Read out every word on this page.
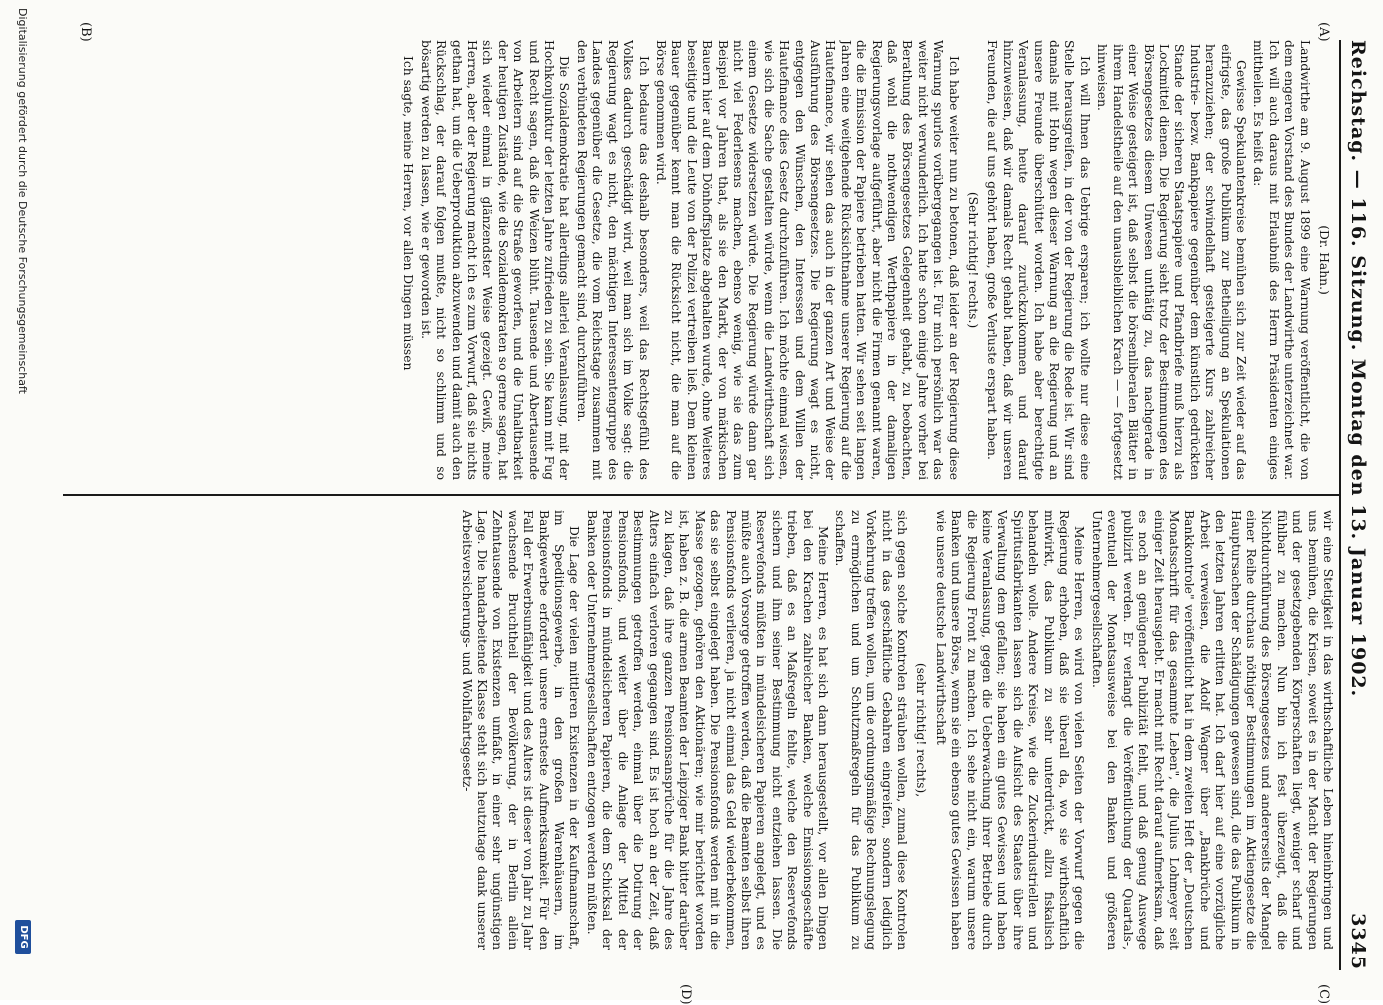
Reichstag. — 116. Sitzung. Montag den 13. Januar 1902.
3345
(A)
(B)
(C)
(D)

(Dr. Hahn.)

Landwirthe am 9. August 1899 eine Warnung veröffentlicht, die von dem engeren Vorstand des Bundes der Landwirthe unterzeichnet war. Ich will auch daraus mit Erlaubniß des Herrn Präsidenten einiges mittheilen. Es heißt da:

Gewisse Spekulantenkreise bemühen sich zur Zeit wieder auf das eifrigste, das große Publikum zur Betheiligung an Spekulationen heranzuziehen; der schwindelhaft gesteigerte Kurs zahlreicher Industrie- bezw. Bankpapiere gegenüber dem künstlich gedrückten Stande der sicheren Staatspapiere und Pfandbriefe muß hierzu als Lockmittel dienen. Die Regierung sieht trotz der Bestimmungen des Börsengesetzes diesem Unwesen unthätig zu, das nachgerade in einer Weise gesteigert ist, daß selbst die börsenliberalen Blätter in ihrem Handelstheile auf den unausbleiblichen Krach — — fortgesetzt hinweisen.

Ich will Ihnen das Uebrige ersparen; ich wollte nur diese eine Stelle herausgreifen, in der von der Regierung die Rede ist. Wir sind damals mit Hohn wegen dieser Warnung an die Regierung und an unsere Freunde überschüttet worden. Ich habe aber berechtigte Veranlassung, heute darauf zurückzukommen und darauf hinzuweisen, daß wir damals Recht gehabt haben, daß wir unseren Freunden, die auf uns gehört haben, große Verluste erspart haben.

(Sehr richtig! rechts.)

Ich habe weiter nun zu betonen, daß leider an der Regierung diese Warnung spurlos vorübergegangen ist. Für mich persönlich war das weiter nicht verwunderlich. Ich hatte schon einige Jahre vorher bei Berathung des Börsengesetzes Gelegenheit gehabt, zu beobachten, daß wohl die nothwendigen Werthpapiere in der damaligen Regierungsvorlage aufgeführt, aber nicht die Firmen genannt waren, die die Emission der Papiere betrieben hatten. Wir sehen seit langen Jahren eine weitgehende Rücksichtnahme unserer Regierung auf die Hautefinance, wir sehen das auch in der ganzen Art und Weise der Ausführung des Börsengesetzes. Die Regierung wagt es nicht, entgegen den Wünschen, den Interessen und dem Willen der Hautefinance dies Gesetz durchzuführen. Ich möchte einmal wissen, wie sich die Sache gestalten würde, wenn die Landwirthschaft sich einem Gesetze widersetzen würde. Die Regierung würde dann gar nicht viel Federlesens machen, ebenso wenig, wie sie das zum Beispiel vor Jahren that, als sie den Markt, der von märkischen Bauern hier auf dem Dönhoffsplatze abgehalten wurde, ohne Weiteres beseitigte und die Leute von der Polizei vertreiben ließ. Dem kleinen Bauer gegenüber kennt man die Rücksicht nicht, die man auf die Börse genommen wird.

Ich bedaure das deshalb besonders, weil das Rechtsgefühl des Volkes dadurch geschädigt wird, weil man sich im Volke sagt: die Regierung wagt es nicht, den mächtigen Interessentengruppe des Landes gegenüber die Gesetze, die vom Reichstage zusammen mit den verbündeten Regierungen gemacht sind, durchzuführen.

Die Sozialdemokratie hat allerdings allerlei Veranlassung, mit der Hochkonjunktur der letzten Jahre zufrieden zu sein. Sie kann mit Fug und Recht sagen, daß die Weizen blüht. Tausende und Abertausende von Arbeitern sind auf die Straße geworfen, und die Unhaltbarkeit der heutigen Zustände, wie die Sozialdemokraten so gerne sagen, hat sich wieder einmal in glänzendster Weise gezeigt. Gewiß, meine Herren, aber der Regierung macht ich es zum Vorwurf, daß sie nichts gethan hat, um die Ueberproduktion abzuwenden und damit auch den Rückschlag, der darauf folgen mußte, nicht so schlimm und so bösartig werden zu lassen, wie er geworden ist.

Ich sagte, meine Herren, vor allen Dingen müssen

wir eine Stetigkeit in das wirthschaftliche Leben hineinbringen und uns bemühen, die Krisen, soweit es in der Macht der Regierungen und der gesetzgebenden Körperschaften liegt, weniger scharf und fühlbar zu machen. Nun bin ich fest überzeugt, daß die Nichtdurchführung des Börsengesetzes und andererseits der Mangel einer Reihe durchaus nöthiger Bestimmungen im Aktiengesetze die Hauptursachen der Schädigungen gewesen sind, die das Publikum in den letzten Jahren erlitten hat. Ich darf hier auf eine vorzügliche Arbeit verweisen, die Adolf Wagner über „Bankbrüche und Bankkontrole" veröffentlicht hat in dem zweiten Heft der „Deutschen Monatsschrift für das gesammte Leben", die Julius Lohmeyer seit einiger Zeit herausgiebt. Er macht mit Recht darauf aufmerksam, daß es noch an genügender Publizität fehlt, und daß genug Auswege publizirt werden. Er verlangt die Veröffentlichung der Quartals-, eventuell der Monatsausweise bei den Banken und größeren Unternehmergesellschaften.

Meine Herren, es wird von vielen Seiten der Vorwurf gegen die Regierung erhoben, daß sie überall da, wo sie wirthschaftlich mitwirkt, das Publikum zu sehr unterdrückt, allzu fiskalisch behandeln wolle. Andere Kreise, wie die Zuckerindustriellen und Spiritusfabrikanten lassen sich die Aufsicht des Staates über ihre Verwaltung dem gefallen; sie haben ein gutes Gewissen und haben keine Veranlassung, gegen die Ueberwachung ihrer Betriebe durch die Regierung Front zu machen. Ich sehe nicht ein, warum unsere Banken und unsere Börse, wenn sie ein ebenso gutes Gewissen haben wie unsere deutsche Landwirthschaft

(sehr richtig! rechts),

sich gegen solche Kontrolen sträuben wollen, zumal diese Kontrolen nicht in das geschäftliche Gebahren eingreifen, sondern lediglich Vorkehrung treffen wollen, um die ordnungsmäßige Rechnungslegung zu ermöglichen und um Schutzmaßregeln für das Publikum zu schaffen.

Meine Herren, es hat sich dann herausgestellt, vor allen Dingen bei den Krachen zahlreicher Banken, welche Emissionsgeschäfte trieben, daß es an Maßregeln fehlte, welche den Reservefonds sichern und ihm seiner Bestimmung nicht entziehen lassen. Die Reservefonds müßten in mündelsicheren Papieren angelegt, und es müßte auch Vorsorge getroffen werden, daß die Beamten selbst ihren Pensionsfonds verlieren, ja nicht einmal das Geld wiederbekommen, das sie selbst eingelegt haben. Die Pensionsfonds werden mit in die Masse gezogen, gehören den Aktionären; wie mir berichtet worden ist, haben z. B. die armen Beamten der Leipziger Bank bitter darüber zu klagen, daß ihre ganzen Pensionsansprüche für die Jahre des Alters einfach verloren gegangen sind. Es ist hoch an der Zeit, daß Bestimmungen getroffen werden, einmal über die Dotirung der Pensionsfonds, und weiter über die Anlage der Mittel der Pensionsfonds in mündelsicheren Papieren, die dem Schicksal der Banken oder Unternehmergesellschaften entzogen werden müßten.

Die Lage der vielen mittleren Existenzen in der Kaufmannschaft, im Speditionsgewerbe, in den großen Warenhäusern, im Bankgewerbe erfordert unsere ernsteste Aufmerksamkeit. Für den Fall der Erwerbsunfähigkeit und des Alters ist dieser von Jahr zu Jahr wachsende Bruchtheil der Bevölkerung, der in Berlin allein Zehntausende von Existenzen umfaßt, in einer sehr ungünstigen Lage. Die handarbeitende Klasse steht sich heutzutage dank unserer Arbeitsversicherungs- und Wohlfahrtsgesetz-

Digitalisierung gefördert durch die Deutsche Forschungsgemeinschaft
DFG
